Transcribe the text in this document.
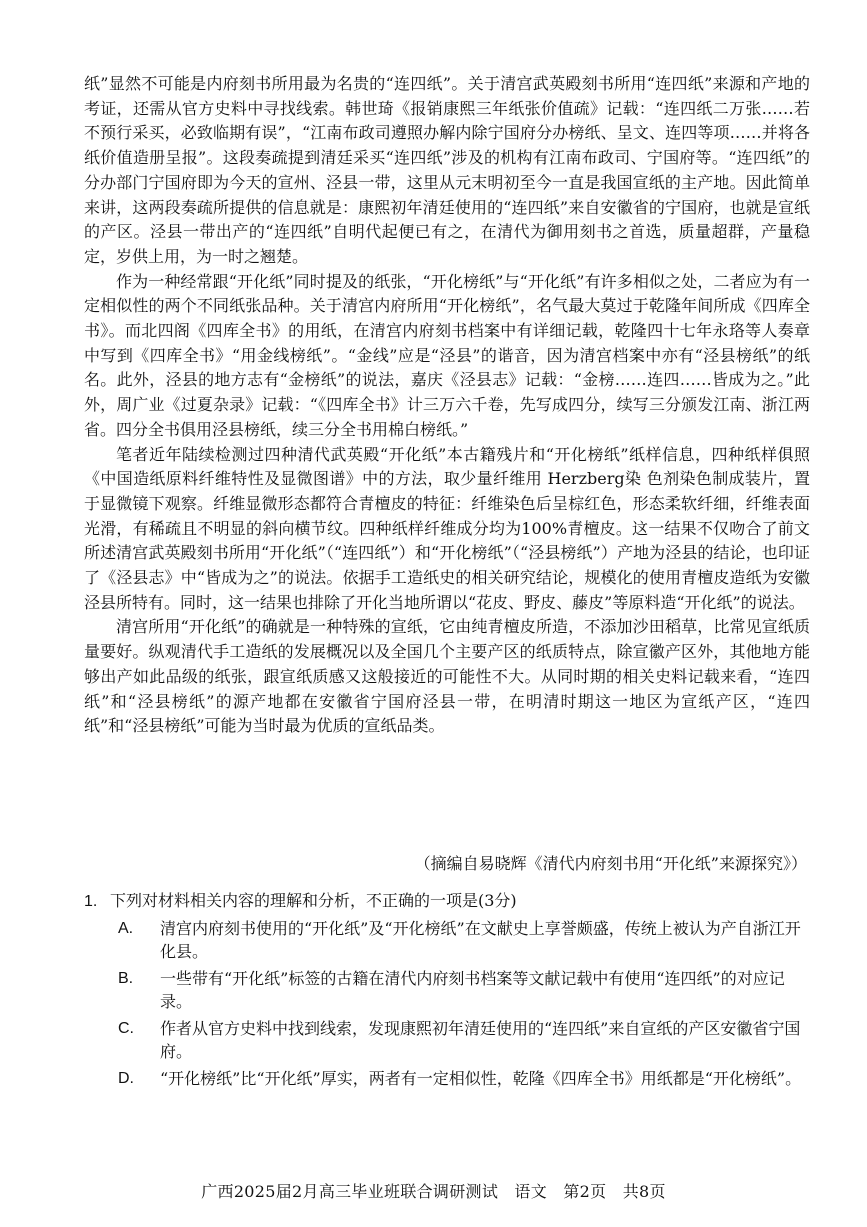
纸”显然不可能是内府刻书所用最为名贵的“连四纸”。关于清宫武英殿刻书所用“连四纸”来源和产地的考证，还需从官方史料中寻找线索。韩世琦《报销康熙三年纸张价值疏》记载：“连四纸二万张……若不预行采买，必致临期有误”，“江南布政司遵照办解内除宁国府分办榜纸、呈文、连四等项……并将各纸价值造册呈报”。这段奏疏提到清廷采买“连四纸”涉及的机构有江南布政司、宁国府等。“连四纸”的分办部门宁国府即为今天的宣州、泾县一带，这里从元末明初至今一直是我国宣纸的主产地。因此简单来讲，这两段奏疏所提供的信息就是：康熙初年清廷使用的“连四纸”来自安徽省的宁国府，也就是宣纸的产区。泾县一带出产的“连四纸”自明代起便已有之，在清代为御用刻书之首选，质量超群，产量稳定，岁供上用，为一时之翘楚。

作为一种经常跟“开化纸”同时提及的纸张，“开化榜纸”与“开化纸”有许多相似之处，二者应为有一定相似性的两个不同纸张品种。关于清宫内府所用“开化榜纸”，名气最大莫过于乾隆年间所成《四库全书》。而北四阁《四库全书》的用纸，在清宫内府刻书档案中有详细记载，乾隆四十七年永珞等人奏章中写到《四库全书》“用金线榜纸”。“金线”应是“泾县”的谐音，因为清宫档案中亦有“泾县榜纸”的纸名。此外，泾县的地方志有“金榜纸”的说法，嘉庆《泾县志》记载：“金榜……连四……皆成为之。”此外，周广业《过夏杂录》记载：“《四库全书》计三万六千卷，先写成四分，续写三分颁发江南、浙江两省。四分全书俱用泾县榜纸，续三分全书用棉白榜纸。”

笔者近年陆续检测过四种清代武英殿“开化纸”本古籍残片和“开化榜纸”纸样信息，四种纸样俱照《中国造纸原料纤维特性及显微图谱》中的方法，取少量纤维用 Herzberg染 色剂染色制成装片，置于显微镜下观察。纤维显微形态都符合青檀皮的特征：纤维染色后呈棕红色，形态柔软纤细，纤维表面光滑，有稀疏且不明显的斜向横节纹。四种纸样纤维成分均为100%青檀皮。这一结果不仅吻合了前文所述清宫武英殿刻书所用“开化纸”（“连四纸”）和“开化榜纸”（“泾县榜纸”）产地为泾县的结论，也印证了《泾县志》中“皆成为之”的说法。依据手工造纸史的相关研究结论，规模化的使用青檀皮造纸为安徽泾县所特有。同时，这一结果也排除了开化当地所谓以“花皮、野皮、藤皮”等原料造“开化纸”的说法。

清宫所用“开化纸”的确就是一种特殊的宣纸，它由纯青檀皮所造，不添加沙田稻草，比常见宣纸质量要好。纵观清代手工造纸的发展概况以及全国几个主要产区的纸质特点，除宣徽产区外，其他地方能够出产如此品级的纸张，跟宣纸质感又这般接近的可能性不大。从同时期的相关史料记载来看，“连四纸”和“泾县榜纸”的源产地都在安徽省宁国府泾县一带，在明清时期这一地区为宣纸产区，“连四纸”和“泾县榜纸”可能为当时最为优质的宣纸品类。

（摘编自易晓辉《清代内府刻书用“开化纸”来源探究》）

1. 下列对材料相关内容的理解和分析，不正确的一项是(3分)

A. 清宫内府刻书使用的“开化纸”及“开化榜纸”在文献史上享誉颇盛，传统上被认为产自浙江开化县。

B. 一些带有“开化纸”标签的古籍在清代内府刻书档案等文献记载中有使用“连四纸”的对应记录。

C. 作者从官方史料中找到线索，发现康熙初年清廷使用的“连四纸”来自宣纸的产区安徽省宁国府。

D. “开化榜纸”比“开化纸”厚实，两者有一定相似性，乾隆《四库全书》用纸都是“开化榜纸”。

广西2025届2月高三毕业班联合调研测试　语文　第2页　共8页
